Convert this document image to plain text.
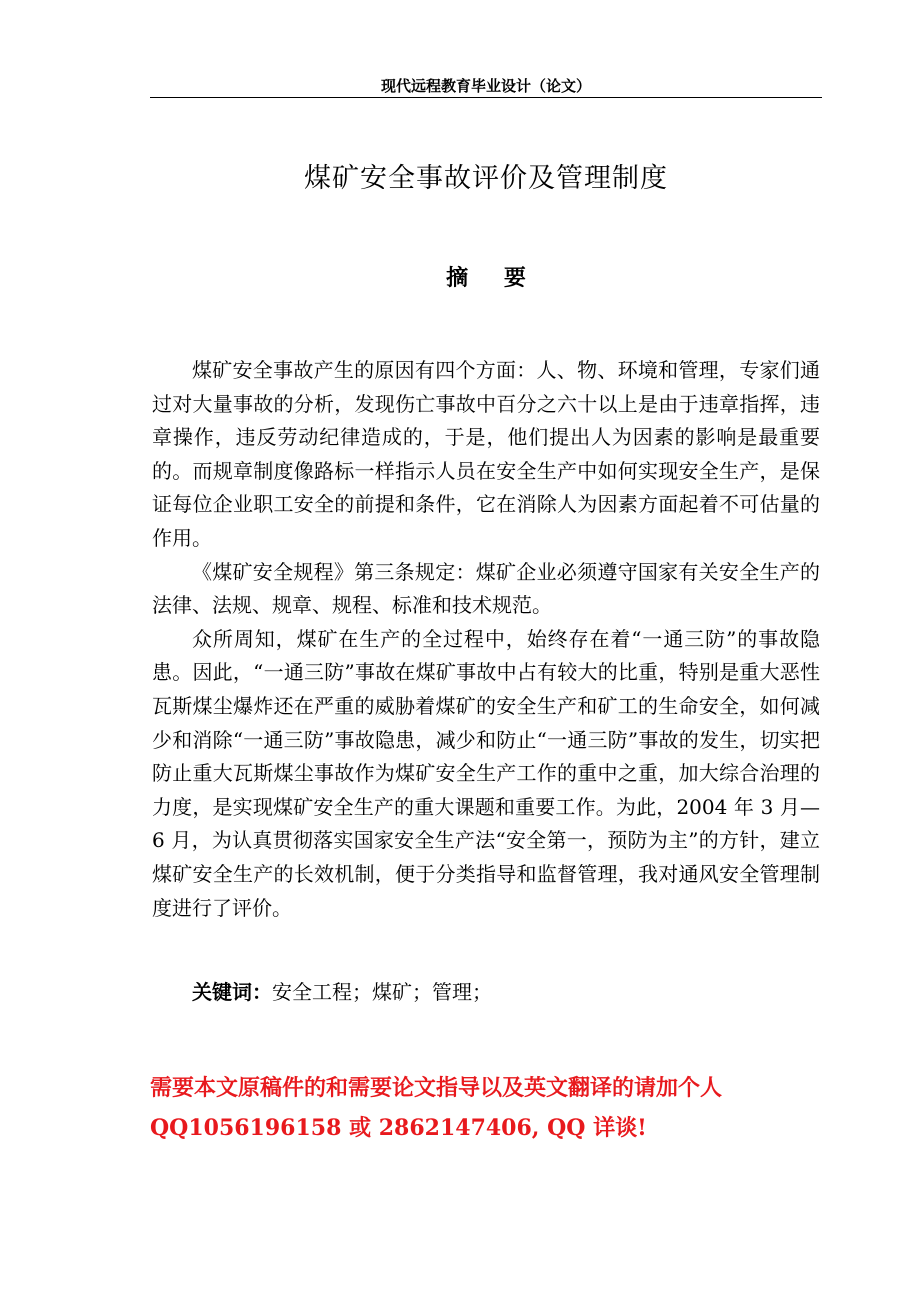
现代远程教育毕业设计（论文）
煤矿安全事故评价及管理制度
摘 要

煤矿安全事故产生的原因有四个方面：人、物、环境和管理，专家们通过对大量事故的分析，发现伤亡事故中百分之六十以上是由于违章指挥，违章操作，违反劳动纪律造成的，于是，他们提出人为因素的影响是最重要的。而规章制度像路标一样指示人员在安全生产中如何实现安全生产，是保证每位企业职工安全的前提和条件，它在消除人为因素方面起着不可估量的作用。

《煤矿安全规程》第三条规定：煤矿企业必须遵守国家有关安全生产的法律、法规、规章、规程、标准和技术规范。

众所周知，煤矿在生产的全过程中，始终存在着“一通三防”的事故隐患。因此，“一通三防”事故在煤矿事故中占有较大的比重，特别是重大恶性瓦斯煤尘爆炸还在严重的威胁着煤矿的安全生产和矿工的生命安全，如何减少和消除“一通三防”事故隐患，减少和防止“一通三防”事故的发生，切实把防止重大瓦斯煤尘事故作为煤矿安全生产工作的重中之重，加大综合治理的力度，是实现煤矿安全生产的重大课题和重要工作。为此，2004 年 3 月—6 月，为认真贯彻落实国家安全生产法“安全第一，预防为主”的方针，建立煤矿安全生产的长效机制，便于分类指导和监督管理，我对通风安全管理制度进行了评价。

关键词：安全工程；煤矿；管理；
需要本文原稿件的和需要论文指导以及英文翻译的请加个人
QQ1056196158 或 2862147406, QQ 详谈!
